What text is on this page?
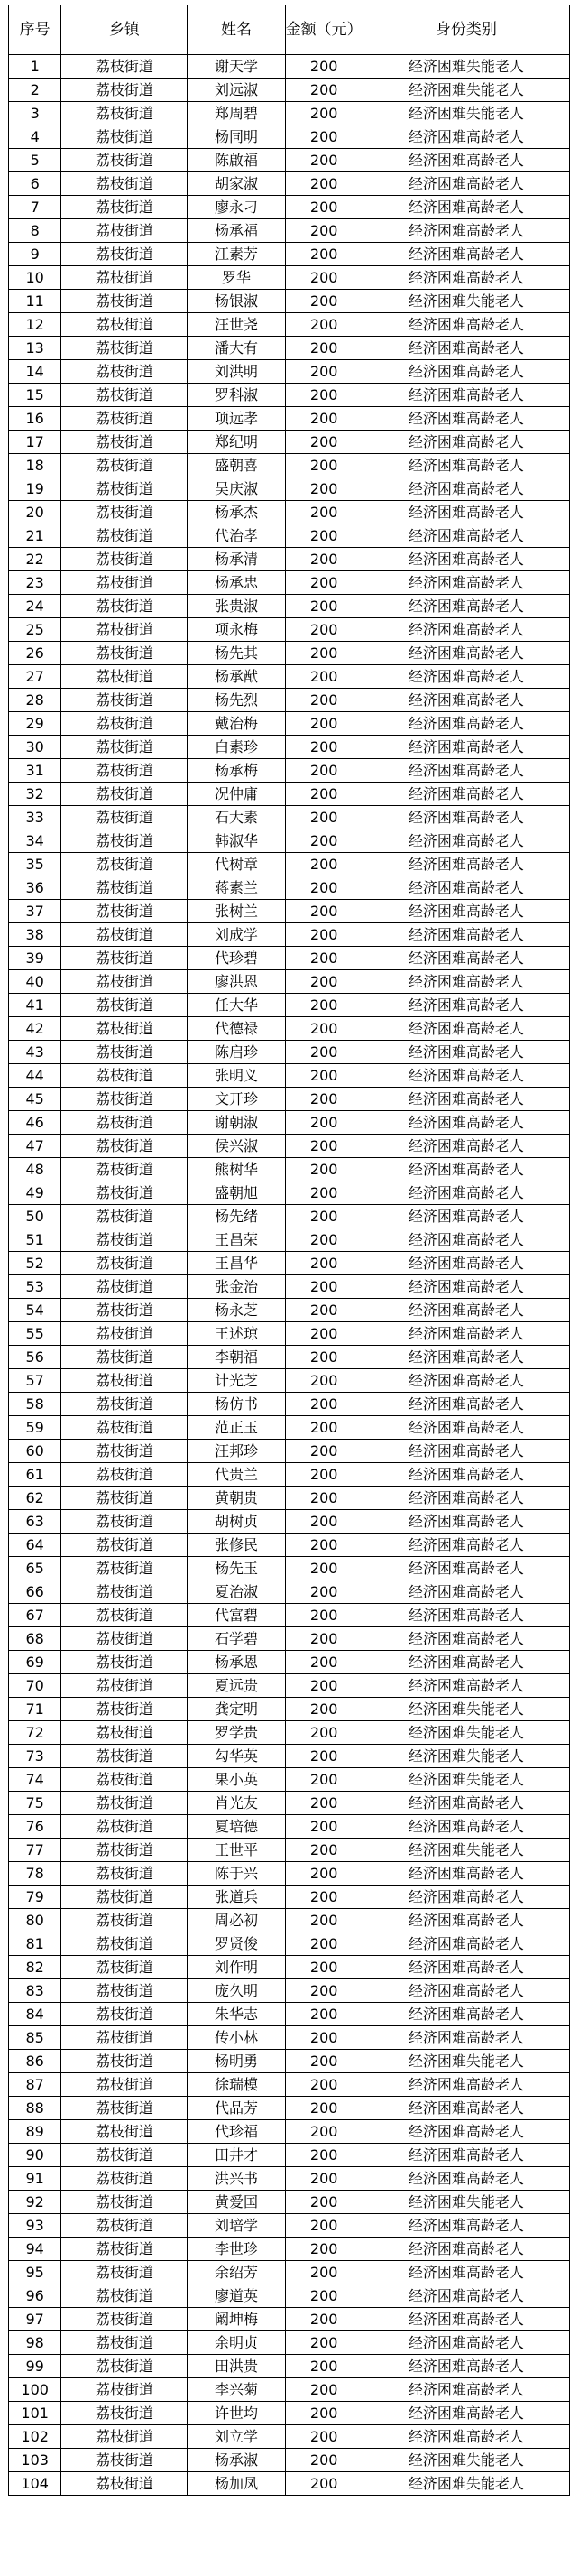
序号	乡镇	姓名	金额（元）	身份类别
1	荔枝街道	谢天学	200	经济困难失能老人
2	荔枝街道	刘远淑	200	经济困难失能老人
3	荔枝街道	郑周碧	200	经济困难失能老人
4	荔枝街道	杨同明	200	经济困难高龄老人
5	荔枝街道	陈啟福	200	经济困难高龄老人
6	荔枝街道	胡家淑	200	经济困难高龄老人
7	荔枝街道	廖永刁	200	经济困难高龄老人
8	荔枝街道	杨承福	200	经济困难高龄老人
9	荔枝街道	江素芳	200	经济困难高龄老人
10	荔枝街道	罗华	200	经济困难高龄老人
11	荔枝街道	杨银淑	200	经济困难失能老人
12	荔枝街道	汪世尧	200	经济困难高龄老人
13	荔枝街道	潘大有	200	经济困难高龄老人
14	荔枝街道	刘洪明	200	经济困难高龄老人
15	荔枝街道	罗科淑	200	经济困难高龄老人
16	荔枝街道	项远孝	200	经济困难高龄老人
17	荔枝街道	郑纪明	200	经济困难高龄老人
18	荔枝街道	盛朝喜	200	经济困难高龄老人
19	荔枝街道	吴庆淑	200	经济困难高龄老人
20	荔枝街道	杨承杰	200	经济困难高龄老人
21	荔枝街道	代治孝	200	经济困难高龄老人
22	荔枝街道	杨承清	200	经济困难高龄老人
23	荔枝街道	杨承忠	200	经济困难高龄老人
24	荔枝街道	张贵淑	200	经济困难高龄老人
25	荔枝街道	项永梅	200	经济困难高龄老人
26	荔枝街道	杨先其	200	经济困难高龄老人
27	荔枝街道	杨承猷	200	经济困难高龄老人
28	荔枝街道	杨先烈	200	经济困难高龄老人
29	荔枝街道	戴治梅	200	经济困难高龄老人
30	荔枝街道	白素珍	200	经济困难高龄老人
31	荔枝街道	杨承梅	200	经济困难高龄老人
32	荔枝街道	况仲庸	200	经济困难高龄老人
33	荔枝街道	石大素	200	经济困难高龄老人
34	荔枝街道	韩淑华	200	经济困难高龄老人
35	荔枝街道	代树章	200	经济困难高龄老人
36	荔枝街道	蒋素兰	200	经济困难高龄老人
37	荔枝街道	张树兰	200	经济困难高龄老人
38	荔枝街道	刘成学	200	经济困难高龄老人
39	荔枝街道	代珍碧	200	经济困难高龄老人
40	荔枝街道	廖洪恩	200	经济困难高龄老人
41	荔枝街道	任大华	200	经济困难高龄老人
42	荔枝街道	代德禄	200	经济困难高龄老人
43	荔枝街道	陈启珍	200	经济困难高龄老人
44	荔枝街道	张明义	200	经济困难高龄老人
45	荔枝街道	文开珍	200	经济困难高龄老人
46	荔枝街道	谢朝淑	200	经济困难高龄老人
47	荔枝街道	侯兴淑	200	经济困难高龄老人
48	荔枝街道	熊树华	200	经济困难高龄老人
49	荔枝街道	盛朝旭	200	经济困难高龄老人
50	荔枝街道	杨先绪	200	经济困难高龄老人
51	荔枝街道	王昌荣	200	经济困难高龄老人
52	荔枝街道	王昌华	200	经济困难高龄老人
53	荔枝街道	张金治	200	经济困难高龄老人
54	荔枝街道	杨永芝	200	经济困难高龄老人
55	荔枝街道	王述琼	200	经济困难高龄老人
56	荔枝街道	李朝福	200	经济困难高龄老人
57	荔枝街道	计光芝	200	经济困难高龄老人
58	荔枝街道	杨仿书	200	经济困难高龄老人
59	荔枝街道	范正玉	200	经济困难高龄老人
60	荔枝街道	汪邦珍	200	经济困难高龄老人
61	荔枝街道	代贵兰	200	经济困难高龄老人
62	荔枝街道	黄朝贵	200	经济困难高龄老人
63	荔枝街道	胡树贞	200	经济困难高龄老人
64	荔枝街道	张修民	200	经济困难高龄老人
65	荔枝街道	杨先玉	200	经济困难高龄老人
66	荔枝街道	夏治淑	200	经济困难高龄老人
67	荔枝街道	代富碧	200	经济困难高龄老人
68	荔枝街道	石学碧	200	经济困难高龄老人
69	荔枝街道	杨承恩	200	经济困难高龄老人
70	荔枝街道	夏远贵	200	经济困难高龄老人
71	荔枝街道	龚定明	200	经济困难失能老人
72	荔枝街道	罗学贵	200	经济困难失能老人
73	荔枝街道	勾华英	200	经济困难失能老人
74	荔枝街道	果小英	200	经济困难失能老人
75	荔枝街道	肖光友	200	经济困难高龄老人
76	荔枝街道	夏培德	200	经济困难高龄老人
77	荔枝街道	王世平	200	经济困难失能老人
78	荔枝街道	陈于兴	200	经济困难高龄老人
79	荔枝街道	张道兵	200	经济困难高龄老人
80	荔枝街道	周必初	200	经济困难高龄老人
81	荔枝街道	罗贤俊	200	经济困难高龄老人
82	荔枝街道	刘作明	200	经济困难高龄老人
83	荔枝街道	庞久明	200	经济困难高龄老人
84	荔枝街道	朱华志	200	经济困难高龄老人
85	荔枝街道	传小林	200	经济困难高龄老人
86	荔枝街道	杨明勇	200	经济困难失能老人
87	荔枝街道	徐瑞模	200	经济困难高龄老人
88	荔枝街道	代品芳	200	经济困难高龄老人
89	荔枝街道	代珍福	200	经济困难高龄老人
90	荔枝街道	田井才	200	经济困难高龄老人
91	荔枝街道	洪兴书	200	经济困难高龄老人
92	荔枝街道	黄爱国	200	经济困难失能老人
93	荔枝街道	刘培学	200	经济困难高龄老人
94	荔枝街道	李世珍	200	经济困难高龄老人
95	荔枝街道	余绍芳	200	经济困难高龄老人
96	荔枝街道	廖道英	200	经济困难高龄老人
97	荔枝街道	阚坤梅	200	经济困难高龄老人
98	荔枝街道	余明贞	200	经济困难高龄老人
99	荔枝街道	田洪贵	200	经济困难高龄老人
100	荔枝街道	李兴菊	200	经济困难高龄老人
101	荔枝街道	许世均	200	经济困难高龄老人
102	荔枝街道	刘立学	200	经济困难高龄老人
103	荔枝街道	杨承淑	200	经济困难失能老人
104	荔枝街道	杨加凤	200	经济困难失能老人
